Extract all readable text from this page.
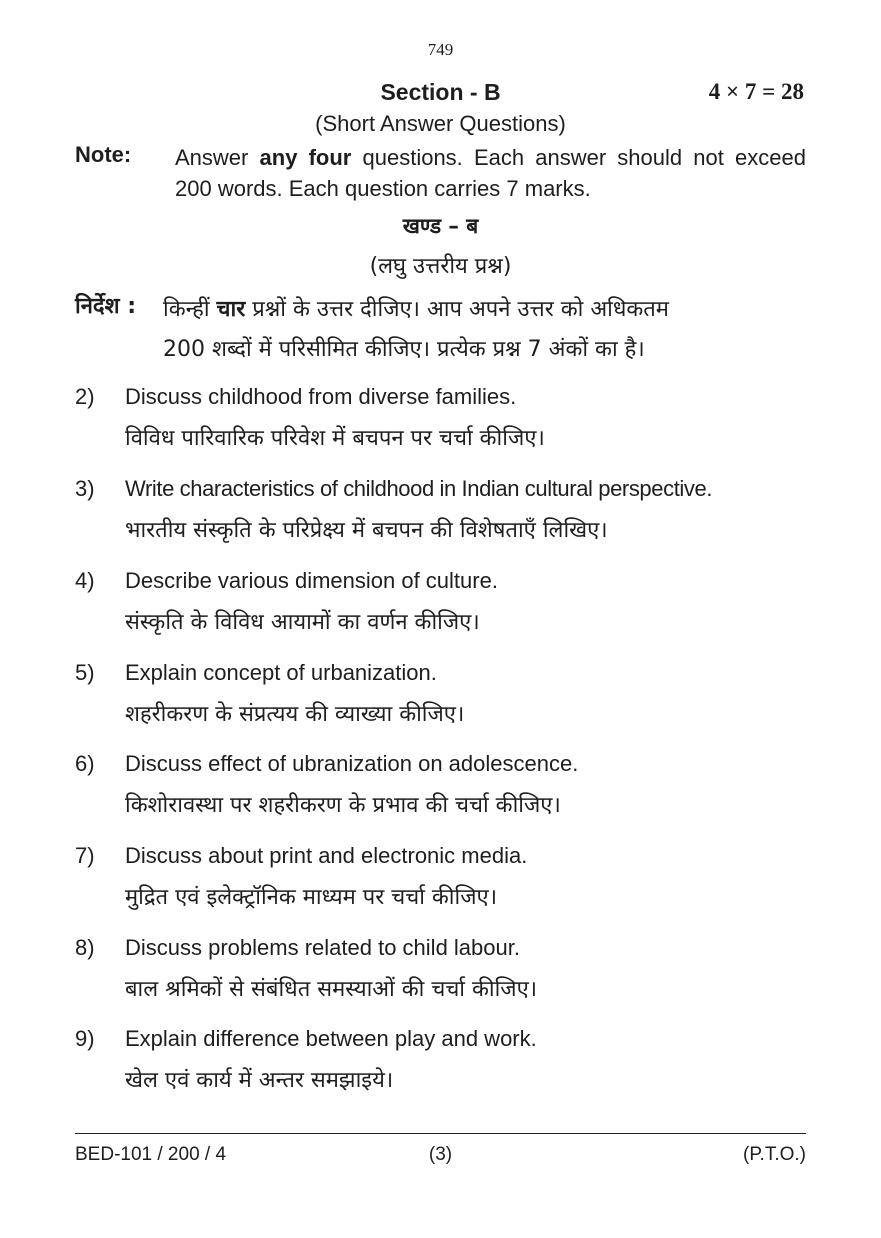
749
Section - B	4 × 7 = 28
(Short Answer Questions)
Note: Answer any four questions. Each answer should not exceed 200 words. Each question carries 7 marks.
खण्ड – ब
(लघु उत्तरीय प्रश्न)
निर्देश : किन्हीं चार प्रश्नों के उत्तर दीजिए। आप अपने उत्तर को अधिकतम
200 शब्दों में परिसीमित कीजिए। प्रत्येक प्रश्न 7 अंकों का है।
2) Discuss childhood from diverse families.
विविध पारिवारिक परिवेश में बचपन पर चर्चा कीजिए।
3) Write characteristics of childhood in Indian cultural perspective.
भारतीय संस्कृति के परिप्रेक्ष्य में बचपन की विशेषताएँ लिखिए।
4) Describe various dimension of culture.
संस्कृति के विविध आयामों का वर्णन कीजिए।
5) Explain concept of urbanization.
शहरीकरण के संप्रत्यय की व्याख्या कीजिए।
6) Discuss effect of ubranization on adolescence.
किशोरावस्था पर शहरीकरण के प्रभाव की चर्चा कीजिए।
7) Discuss about print and electronic media.
मुद्रित एवं इलेक्ट्रॉनिक माध्यम पर चर्चा कीजिए।
8) Discuss problems related to child labour.
बाल श्रमिकों से संबंधित समस्याओं की चर्चा कीजिए।
9) Explain difference between play and work.
खेल एवं कार्य में अन्तर समझाइये।
BED-101 / 200 / 4	(3)	(P.T.O.)
